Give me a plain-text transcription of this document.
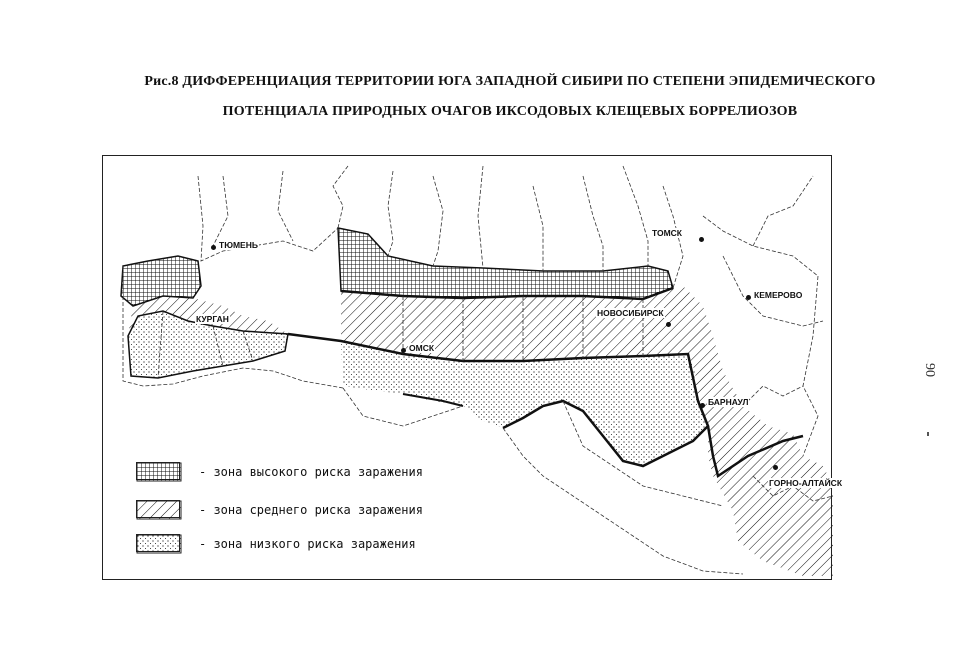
Рис.8 ДИФФЕРЕНЦИАЦИЯ ТЕРРИТОРИИ ЮГА ЗАПАДНОЙ СИБИРИ ПО СТЕПЕНИ ЭПИДЕМИЧЕСКОГО
ПОТЕНЦИАЛА ПРИРОДНЫХ ОЧАГОВ ИКСОДОВЫХ КЛЕЩЕВЫХ БОРРЕЛИОЗОВ
ТЮМЕНЬ
КУРГАН
ОМСК
ТОМСК
НОВОСИБИРСК
КЕМЕРОВО
БАРНАУЛ
ГОРНО-АЛТАЙСК
- зона высокого риска заражения
- зона среднего риска заражения
- зона низкого риска заражения
90
